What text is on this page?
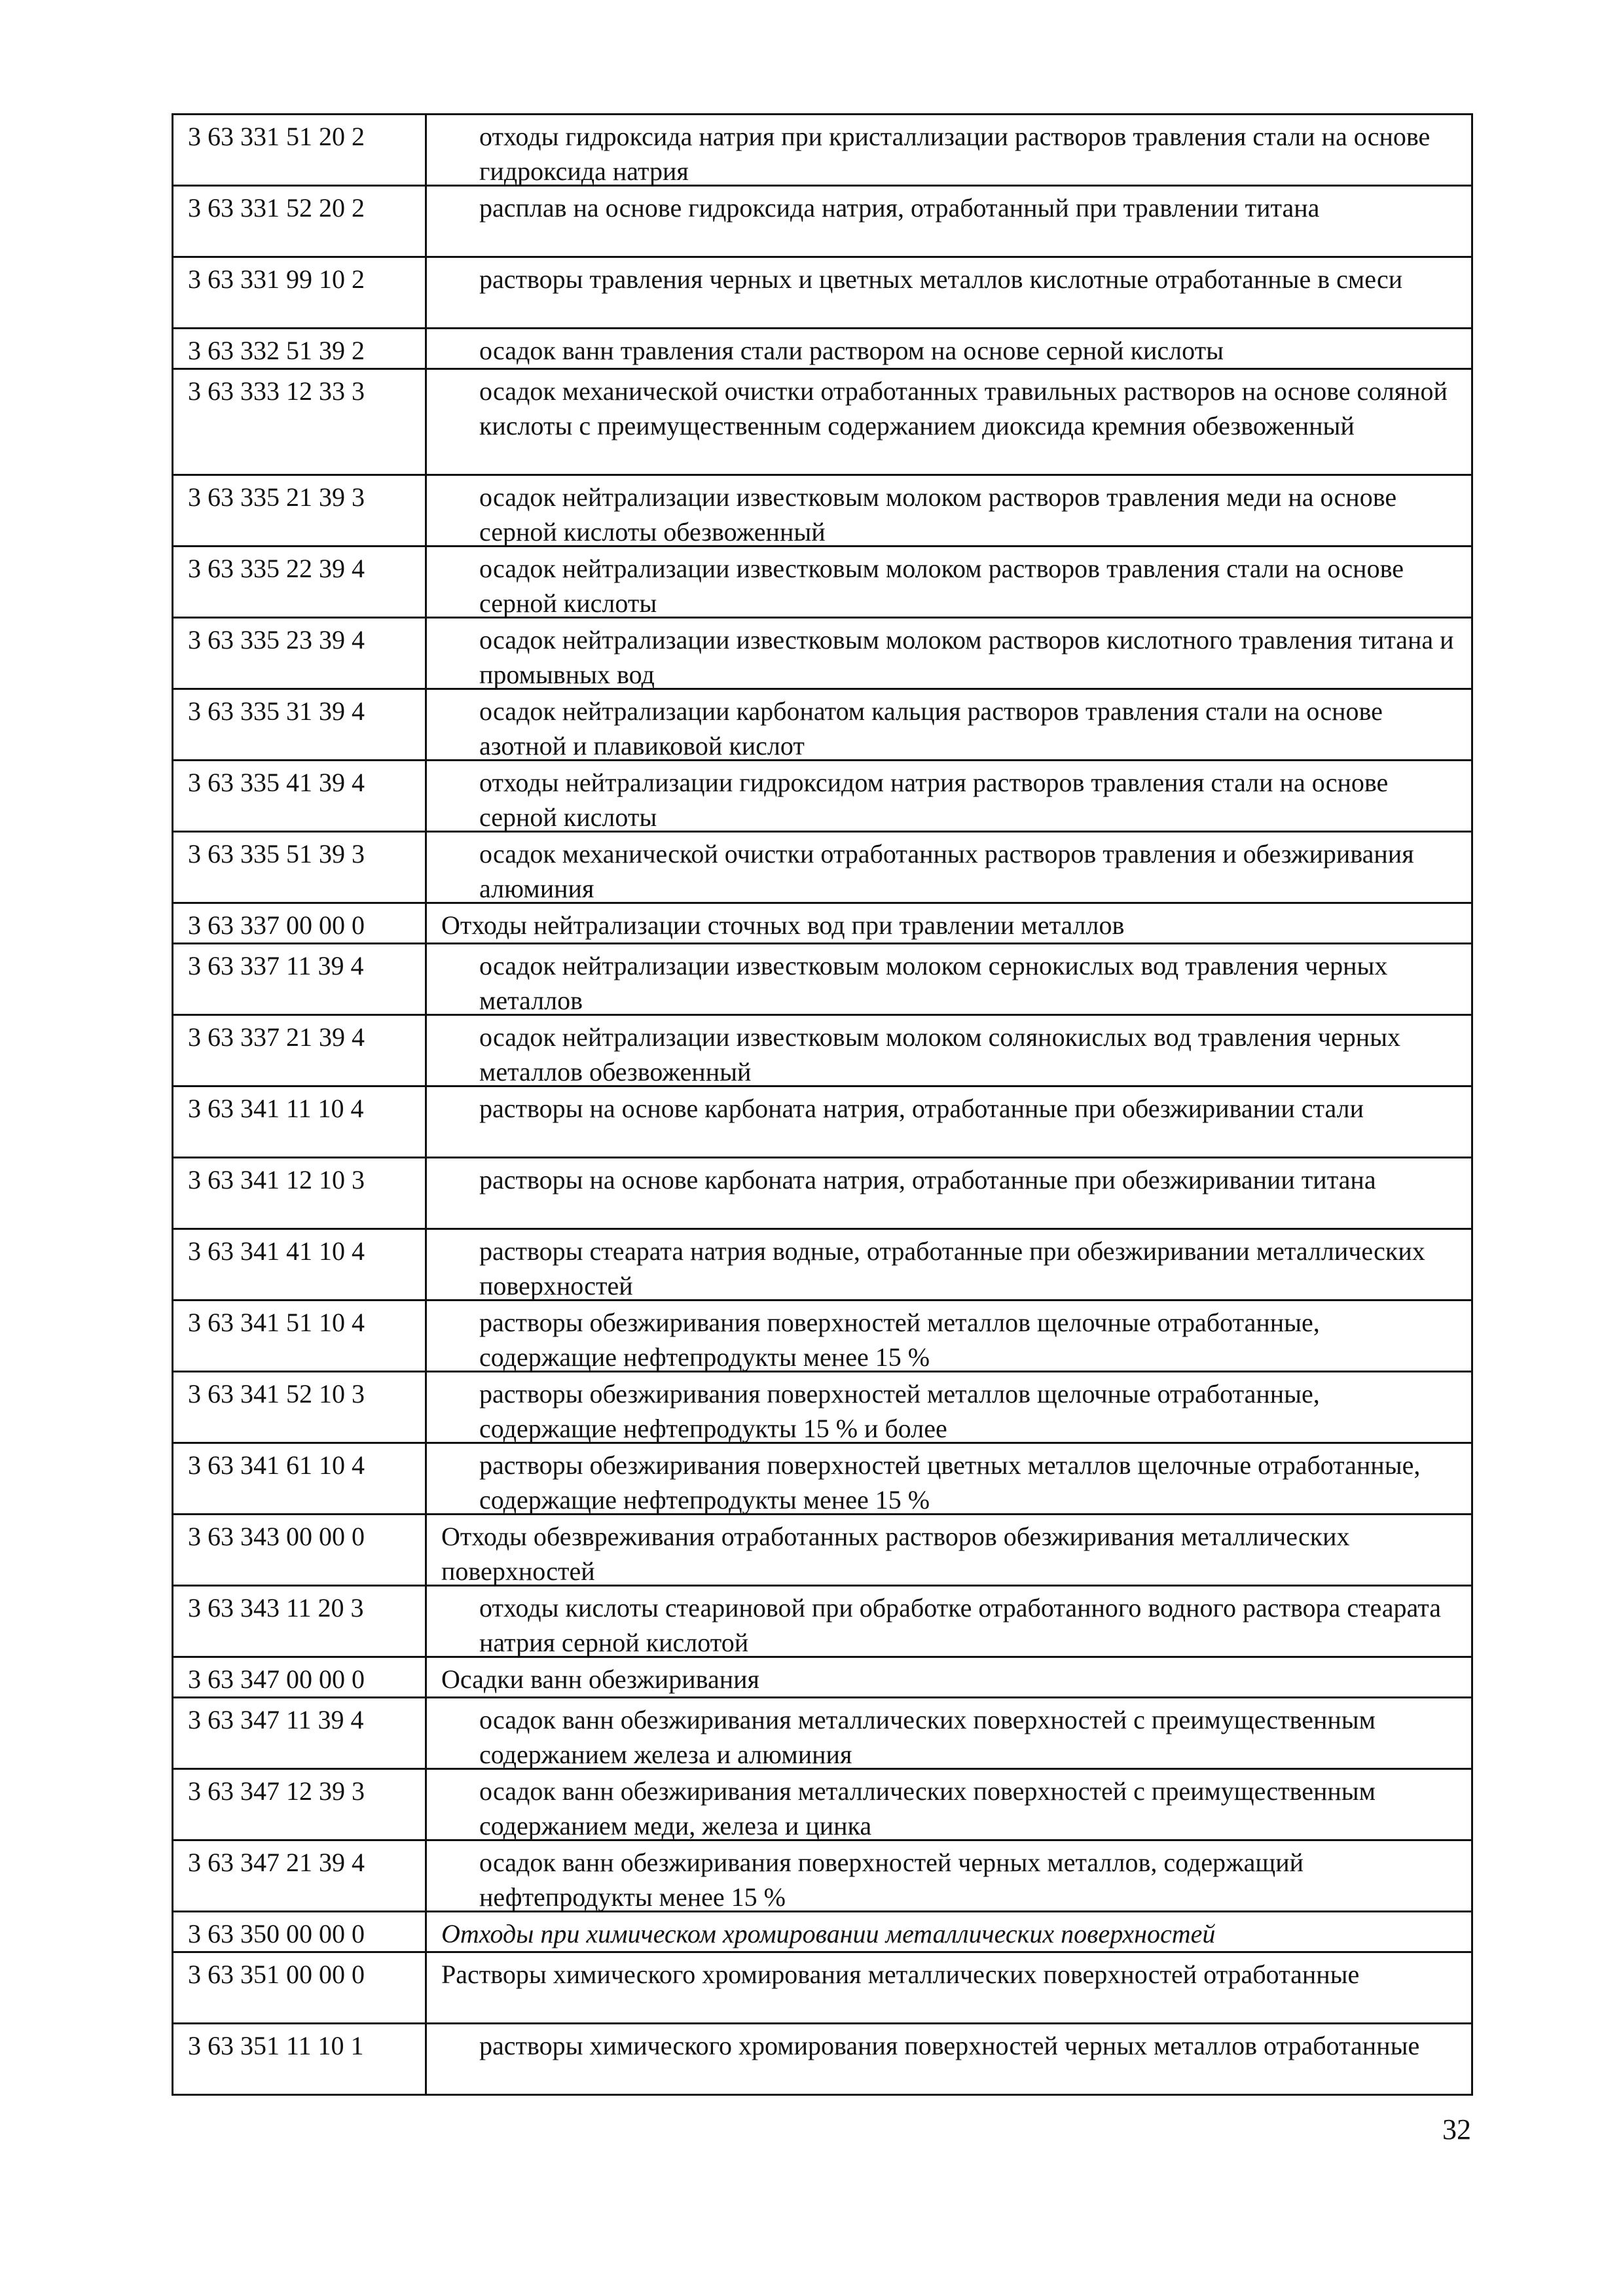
3 63 331 51 20 2	отходы гидроксида натрия при кристаллизации растворов травления стали на основе гидроксида натрия
3 63 331 52 20 2	расплав на основе гидроксида натрия, отработанный при травлении титана
3 63 331 99 10 2	растворы травления черных и цветных металлов кислотные отработанные в смеси
3 63 332 51 39 2	осадок ванн травления стали раствором на основе серной кислоты
3 63 333 12 33 3	осадок механической очистки отработанных травильных растворов на основе соляной кислоты с преимущественным содержанием диоксида кремния обезвоженный
3 63 335 21 39 3	осадок нейтрализации известковым молоком растворов травления меди на основе серной кислоты обезвоженный
3 63 335 22 39 4	осадок нейтрализации известковым молоком растворов травления стали на основе серной кислоты
3 63 335 23 39 4	осадок нейтрализации известковым молоком растворов кислотного травления титана и промывных вод
3 63 335 31 39 4	осадок нейтрализации карбонатом кальция растворов травления стали на основе азотной и плавиковой кислот
3 63 335 41 39 4	отходы нейтрализации гидроксидом натрия растворов травления стали на основе серной кислоты
3 63 335 51 39 3	осадок механической очистки отработанных растворов травления и обезжиривания алюминия
3 63 337 00 00 0	Отходы нейтрализации сточных вод при травлении металлов
3 63 337 11 39 4	осадок нейтрализации известковым молоком сернокислых вод травления черных металлов
3 63 337 21 39 4	осадок нейтрализации известковым молоком солянокислых вод травления черных металлов обезвоженный
3 63 341 11 10 4	растворы на основе карбоната натрия, отработанные при обезжиривании стали
3 63 341 12 10 3	растворы на основе карбоната натрия, отработанные при обезжиривании титана
3 63 341 41 10 4	растворы стеарата натрия водные, отработанные при обезжиривании металлических поверхностей
3 63 341 51 10 4	растворы обезжиривания поверхностей металлов щелочные отработанные, содержащие нефтепродукты менее 15 %
3 63 341 52 10 3	растворы обезжиривания поверхностей металлов щелочные отработанные, содержащие нефтепродукты 15 % и более
3 63 341 61 10 4	растворы обезжиривания поверхностей цветных металлов щелочные отработанные, содержащие нефтепродукты менее 15 %
3 63 343 00 00 0	Отходы обезвреживания отработанных растворов обезжиривания металлических поверхностей
3 63 343 11 20 3	отходы кислоты стеариновой при обработке отработанного водного раствора стеарата натрия серной кислотой
3 63 347 00 00 0	Осадки ванн обезжиривания
3 63 347 11 39 4	осадок ванн обезжиривания металлических поверхностей с преимущественным содержанием железа и алюминия
3 63 347 12 39 3	осадок ванн обезжиривания металлических поверхностей с преимущественным содержанием меди, железа и цинка
3 63 347 21 39 4	осадок ванн обезжиривания поверхностей черных металлов, содержащий нефтепродукты менее 15 %
3 63 350 00 00 0	Отходы при химическом хромировании металлических поверхностей
3 63 351 00 00 0	Растворы химического хромирования металлических поверхностей отработанные
3 63 351 11 10 1	растворы химического хромирования поверхностей черных металлов отработанные
32
